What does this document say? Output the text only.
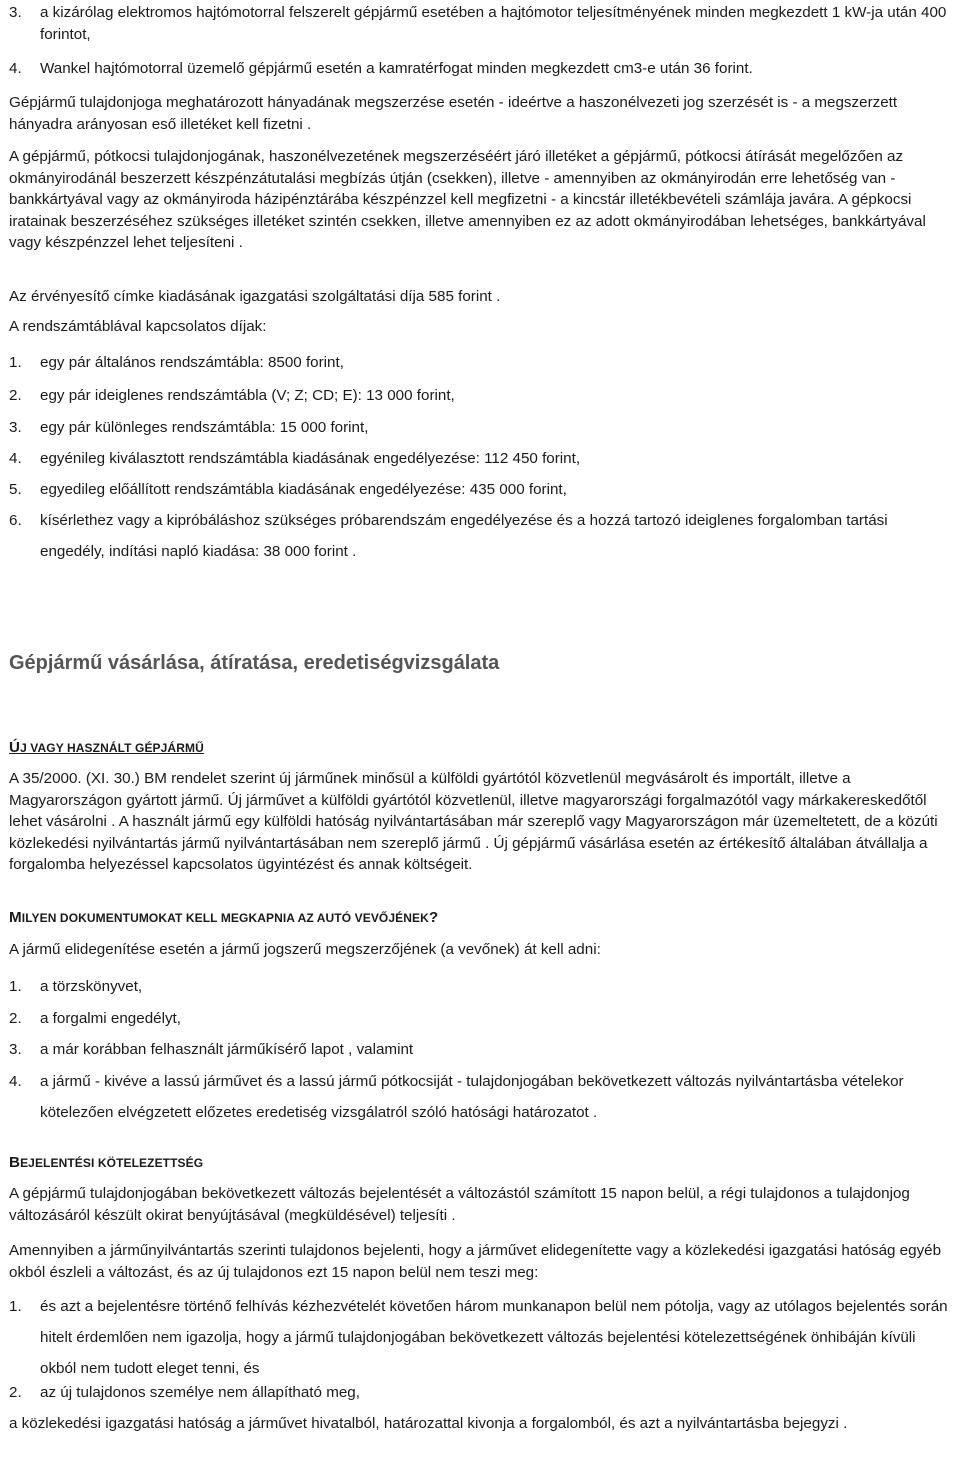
3.	a kizárólag elektromos hajtómotorral felszerelt gépjármű esetében a hajtómotor teljesítményének minden megkezdett 1 kW-ja után 400 forintot,
4.	Wankel hajtómotorral üzemelő gépjármű esetén a kamratérfogat minden megkezdett cm3-e után 36 forint.
Gépjármű tulajdonjoga meghatározott hányadának megszerzése esetén - ideértve a haszonélvezeti jog szerzését is - a megszerzett hányadra arányosan eső illetéket kell fizetni .
A gépjármű, pótkocsi tulajdonjogának, haszonélvezetének megszerzéséért járó illetéket a gépjármű, pótkocsi átírását megelőzően az okmányirodánál beszerzett készpénzátutalási megbízás útján (csekken), illetve - amennyiben az okmányirodán erre lehetőség van - bankkártyával vagy az okmányiroda házipénztárába készpénzzel kell megfizetni - a kincstár illetékbevételi számlája javára. A gépkocsi iratainak beszerzéséhez szükséges illetéket szintén csekken, illetve amennyiben ez az adott okmányirodában lehetséges, bankkártyával vagy készpénzzel lehet teljesíteni .
Az érvényesítő címke kiadásának igazgatási szolgáltatási díja 585 forint .
A rendszámtáblával kapcsolatos díjak:
1.	egy pár általános rendszámtábla: 8500 forint,
2.	egy pár ideiglenes rendszámtábla (V; Z; CD; E): 13 000 forint,
3.	egy pár különleges rendszámtábla: 15 000 forint,
4.	egyénileg kiválasztott rendszámtábla kiadásának engedélyezése: 112 450 forint,
5.	egyedileg előállított rendszámtábla kiadásának engedélyezése: 435 000 forint,
6.	kísérlethez vagy a kipróbáláshoz szükséges próbarendszám engedélyezése és a hozzá tartozó ideiglenes forgalomban tartási engedély, indítási napló kiadása: 38 000 forint .
Gépjármű vásárlása, átíratása, eredetiségvizsgálata
ÚJ VAGY HASZNÁLT GÉPJÁRMŰ
A 35/2000. (XI. 30.) BM rendelet szerint új járműnek minősül a külföldi gyártótól közvetlenül megvásárolt és importált, illetve a Magyarországon gyártott jármű. Új járművet a külföldi gyártótól közvetlenül, illetve magyarországi forgalmazótól vagy márkakereskedőtől lehet vásárolni . A használt jármű egy külföldi hatóság nyilvántartásában már szereplő vagy Magyarországon már üzemeltetett, de a közúti közlekedési nyilvántartás jármű nyilvántartásában nem szereplő jármű . Új gépjármű vásárlása esetén az értékesítő általában átvállalja a forgalomba helyezéssel kapcsolatos ügyintézést és annak költségeit.
MILYEN DOKUMENTUMOKAT KELL MEGKAPNIA AZ AUTÓ VEVŐJÉNEK?
A jármű elidegenítése esetén a jármű jogszerű megszerzőjének (a vevőnek) át kell adni:
1.	a törzskönyvet,
2.	a forgalmi engedélyt,
3.	a már korábban felhasznált járműkísérő lapot , valamint
4.	a jármű - kivéve a lassú járművet és a lassú jármű pótkocsiját - tulajdonjogában bekövetkezett változás nyilvántartásba vételekor kötelezően elvégzetett előzetes eredetiség vizsgálatról szóló hatósági határozatot .
BEJELENTÉSI KÖTELEZETTSÉG
A gépjármű tulajdonjogában bekövetkezett változás bejelentését a változástól számított 15 napon belül, a régi tulajdonos a tulajdonjog változásáról készült okirat benyújtásával (megküldésével) teljesíti .
Amennyiben a járműnyilvántartás szerinti tulajdonos bejelenti, hogy a járművet elidegenítette vagy a közlekedési igazgatási hatóság egyéb okból észleli a változást, és az új tulajdonos ezt 15 napon belül nem teszi meg:
1.	és azt a bejelentésre történő felhívás kézhezvételét követően három munkanapon belül nem pótolja, vagy az utólagos bejelentés során hitelt érdemlően nem igazolja, hogy a jármű tulajdonjogában bekövetkezett változás bejelentési kötelezettségének önhibáján kívüli okból nem tudott eleget tenni, és
2.	az új tulajdonos személye nem állapítható meg,
a közlekedési igazgatási hatóság a járművet hivatalból, határozattal kivonja a forgalomból, és azt a nyilvántartásba bejegyzi .
